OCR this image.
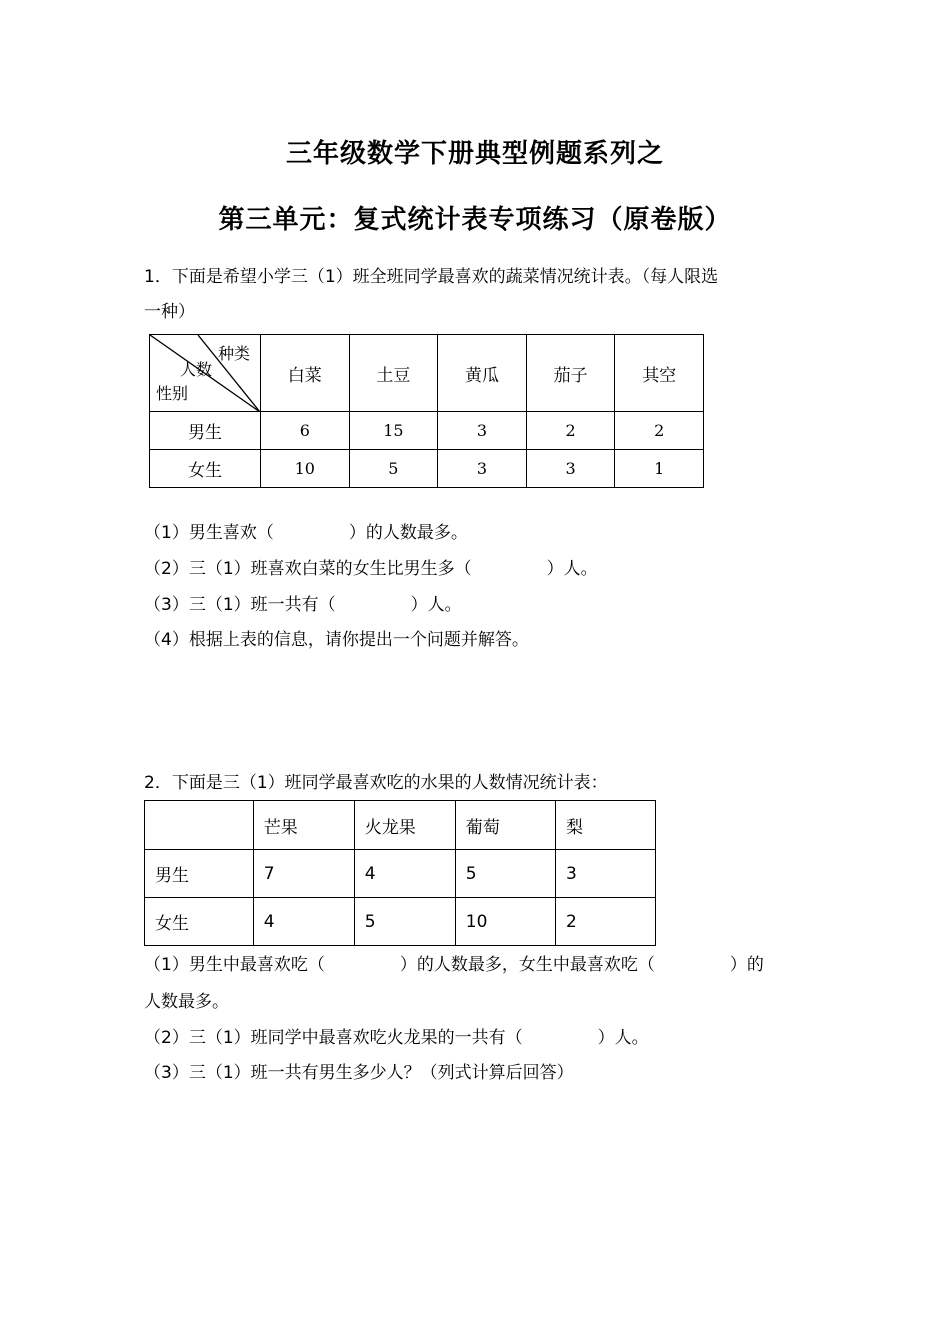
三年级数学下册典型例题系列之
第三单元：复式统计表专项练习（原卷版）
1．下面是希望小学三（1）班全班同学最喜欢的蔬菜情况统计表。（每人限选
一种）
种类
人数
性别	白菜	土豆	黄瓜	茄子	其空
男生	6	15	3	2	2
女生	10	5	3	3	1
（1）男生喜欢（	）的人数最多。
（2）三（1）班喜欢白菜的女生比男生多（	）人。
（3）三（1）班一共有（	）人。
（4）根据上表的信息，请你提出一个问题并解答。
2．下面是三（1）班同学最喜欢吃的水果的人数情况统计表：
	芒果	火龙果	葡萄	梨
男生	7	4	5	3
女生	4	5	10	2
（1）男生中最喜欢吃（	）的人数最多，女生中最喜欢吃（	）的
人数最多。
（2）三（1）班同学中最喜欢吃火龙果的一共有（	）人。
（3）三（1）班一共有男生多少人？（列式计算后回答）
